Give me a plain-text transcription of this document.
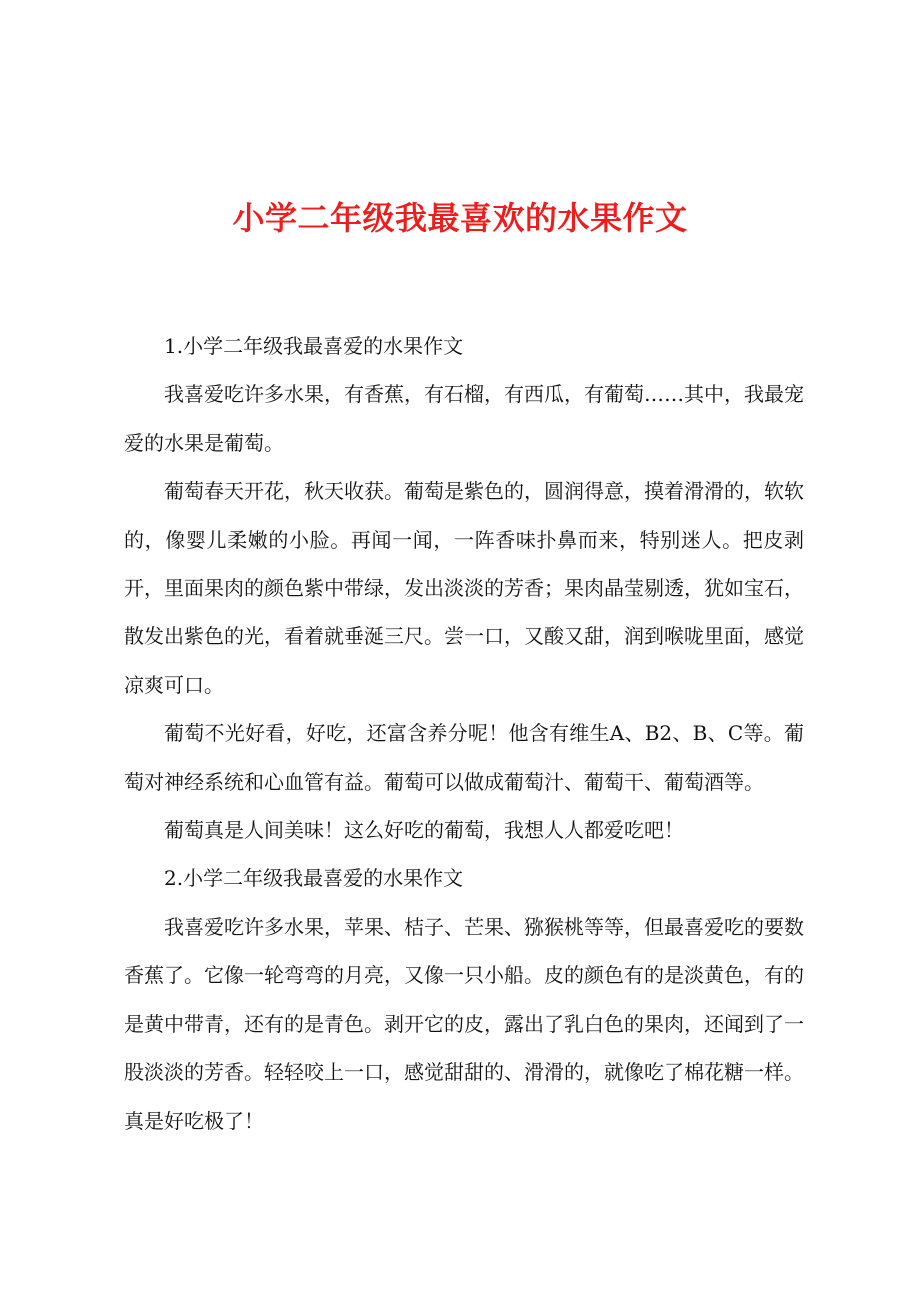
小学二年级我最喜欢的水果作文

1.小学二年级我最喜爱的水果作文

我喜爱吃许多水果，有香蕉，有石榴，有西瓜，有葡萄……其中，我最宠爱的水果是葡萄。

葡萄春天开花，秋天收获。葡萄是紫色的，圆润得意，摸着滑滑的，软软的，像婴儿柔嫩的小脸。再闻一闻，一阵香味扑鼻而来，特别迷人。把皮剥开，里面果肉的颜色紫中带绿，发出淡淡的芳香；果肉晶莹剔透，犹如宝石，散发出紫色的光，看着就垂涎三尺。尝一口，又酸又甜，润到喉咙里面，感觉凉爽可口。

葡萄不光好看，好吃，还富含养分呢！他含有维生A、B2、B、C等。葡萄对神经系统和心血管有益。葡萄可以做成葡萄汁、葡萄干、葡萄酒等。

葡萄真是人间美味！这么好吃的葡萄，我想人人都爱吃吧！

2.小学二年级我最喜爱的水果作文

我喜爱吃许多水果，苹果、桔子、芒果、猕猴桃等等，但最喜爱吃的要数香蕉了。它像一轮弯弯的月亮，又像一只小船。皮的颜色有的是淡黄色，有的是黄中带青，还有的是青色。剥开它的皮，露出了乳白色的果肉，还闻到了一股淡淡的芳香。轻轻咬上一口，感觉甜甜的、滑滑的，就像吃了棉花糖一样。真是好吃极了！
